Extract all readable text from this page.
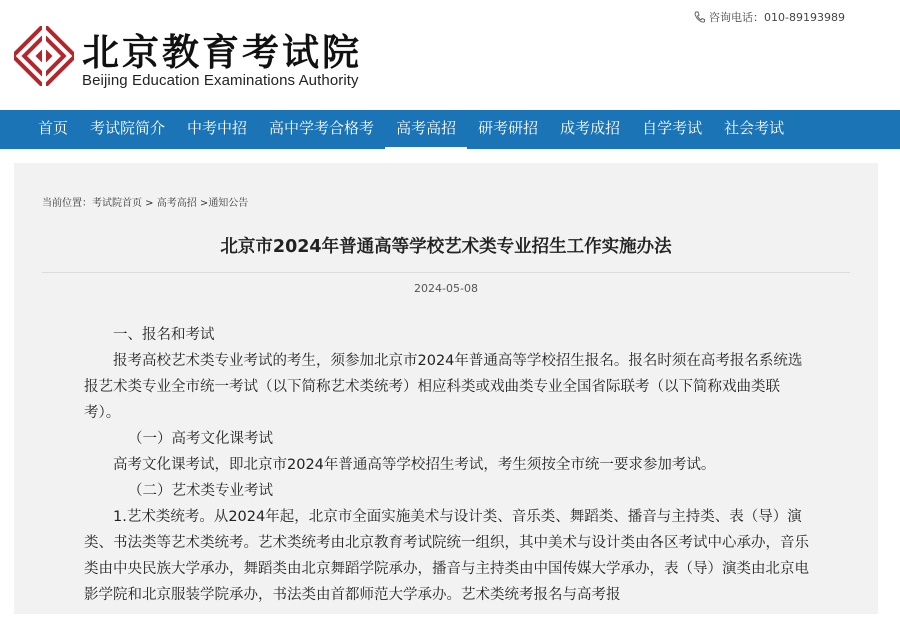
北京教育考试院
Beijing Education Examinations Authority
咨询电话： 010-89193989
首页	考试院简介	中考中招	高中学考合格考	高考高招	研考研招	成考成招	自学考试	社会考试
当前位置：考试院首页 > 高考高招 >通知公告
北京市2024年普通高等学校艺术类专业招生工作实施办法
2024-05-08

一、报名和考试

报考高校艺术类专业考试的考生，须参加北京市2024年普通高等学校招生报名。报名时须在高考报名系统选报艺术类专业全市统一考试（以下简称艺术类统考）相应科类或戏曲类专业全国省际联考（以下简称戏曲类联考）。

（一）高考文化课考试

高考文化课考试，即北京市2024年普通高等学校招生考试，考生须按全市统一要求参加考试。

（二）艺术类专业考试

1.艺术类统考。从2024年起，北京市全面实施美术与设计类、音乐类、舞蹈类、播音与主持类、表（导）演类、书法类等艺术类统考。艺术类统考由北京教育考试院统一组织，其中美术与设计类由各区考试中心承办，音乐类由中央民族大学承办，舞蹈类由北京舞蹈学院承办，播音与主持类由中国传媒大学承办，表（导）演类由北京电影学院和北京服装学院承办，书法类由首都师范大学承办。艺术类统考报名与高考报
